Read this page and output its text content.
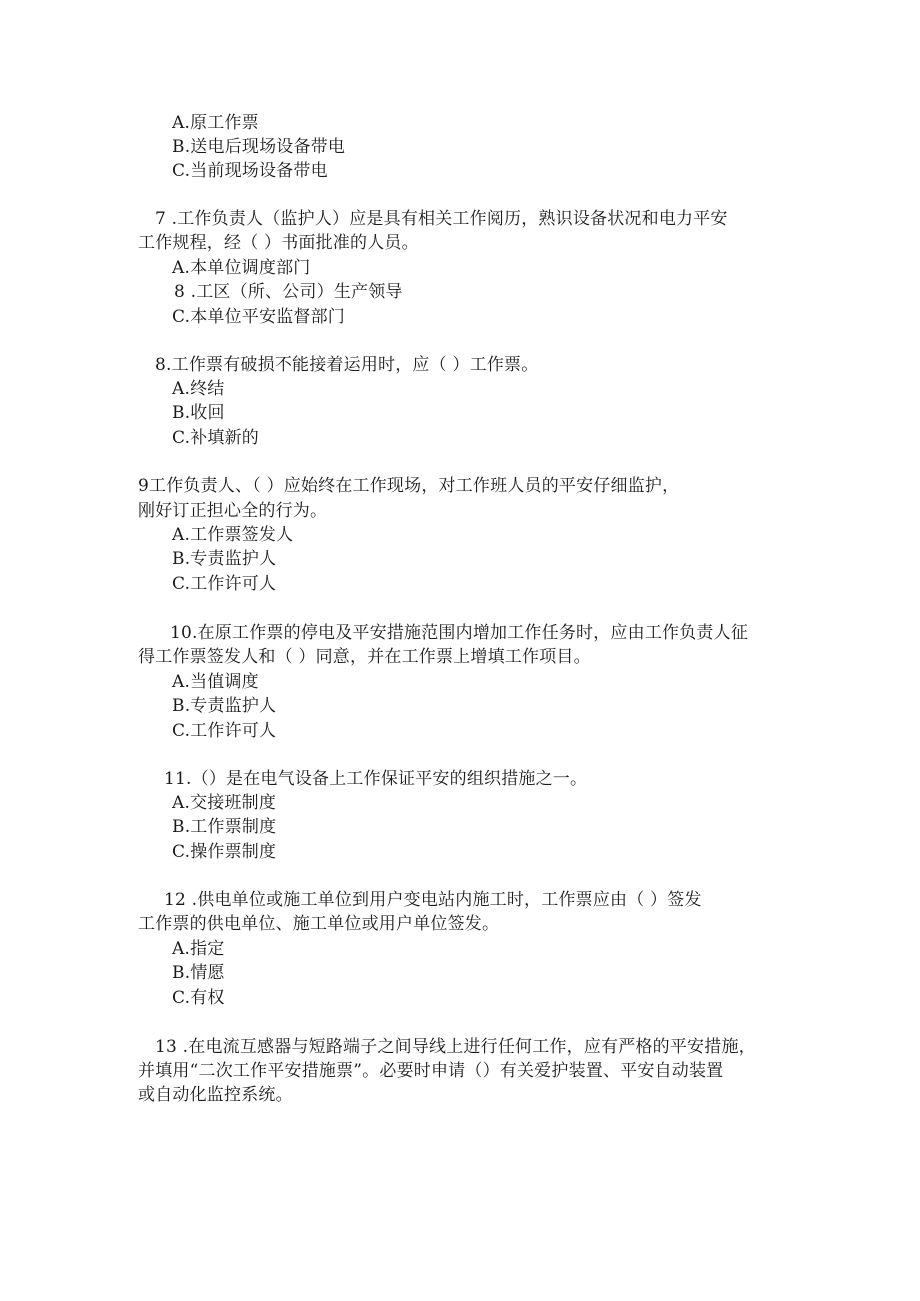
A.原工作票
B.送电后现场设备带电
C.当前现场设备带电
7 .工作负责人（监护人）应是具有相关工作阅历，熟识设备状况和电力平安
工作规程，经（ ）书面批准的人员。
A.本单位调度部门
8 .工区（所、公司）生产领导
C.本单位平安监督部门
8.工作票有破损不能接着运用时，应（ ）工作票。
A.终结
B.收回
C.补填新的
9工作负责人、（ ）应始终在工作现场，对工作班人员的平安仔细监护，
刚好订正担心全的行为。
A.工作票签发人
B.专责监护人
C.工作许可人
10.在原工作票的停电及平安措施范围内增加工作任务时，应由工作负责人征
得工作票签发人和（ ）同意，并在工作票上增填工作项目。
A.当值调度
B.专责监护人
C.工作许可人
11.（）是在电气设备上工作保证平安的组织措施之一。
A.交接班制度
B.工作票制度
C.操作票制度
12 .供电单位或施工单位到用户变电站内施工时，工作票应由（ ）签发
工作票的供电单位、施工单位或用户单位签发。
A.指定
B.情愿
C.有权
13 .在电流互感器与短路端子之间导线上进行任何工作，应有严格的平安措施，
并填用“二次工作平安措施票”。必要时申请（）有关爱护装置、平安自动装置
或自动化监控系统。
